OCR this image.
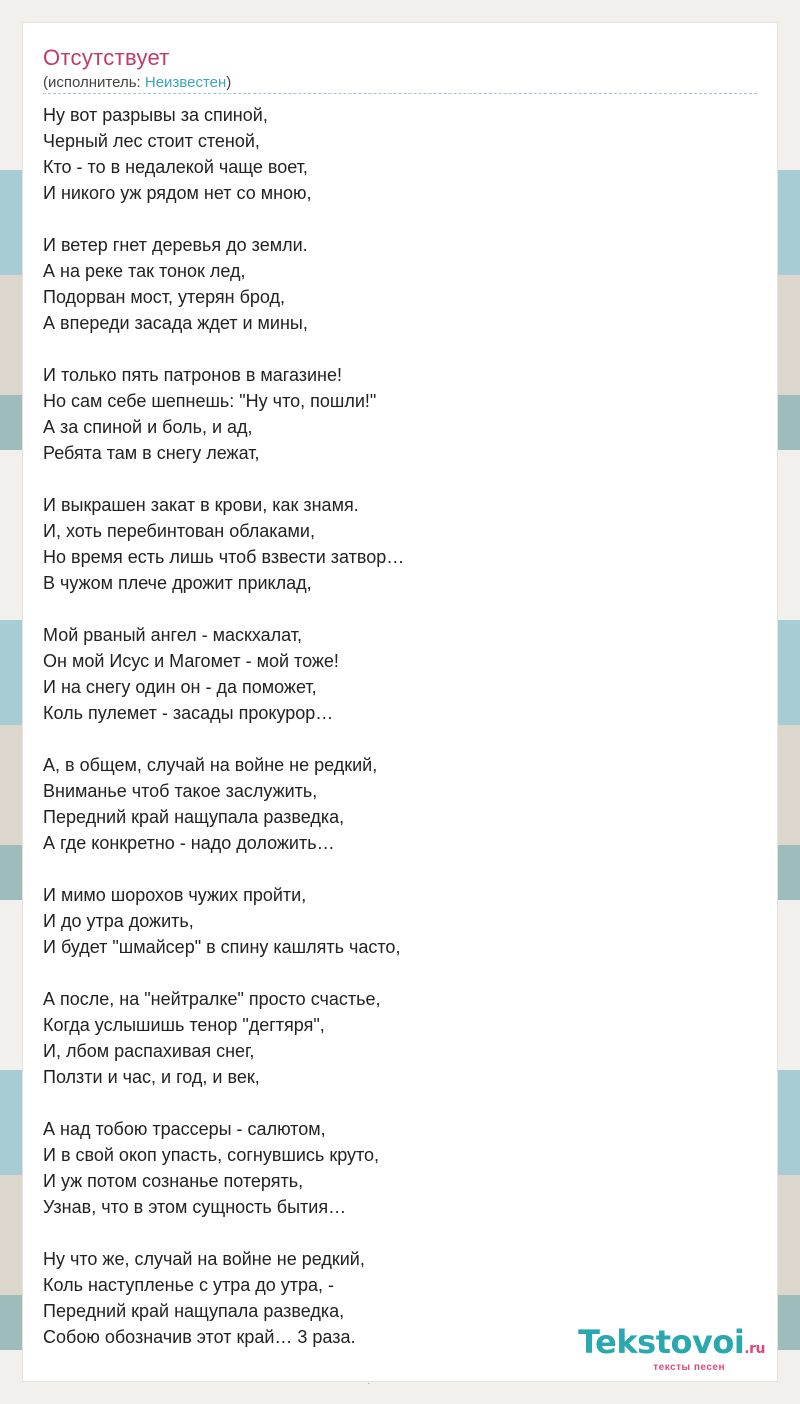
Отсутствует
(исполнитель: Неизвестен)
Ну вот разрывы за спиной,
Черный лес стоит стеной,
Кто - то в недалекой чаще воет,
И никого уж рядом нет со мною,
И ветер гнет деревья до земли.
А на реке так тонок лед,
Подорван мост, утерян брод,
А впереди засада ждет и мины,
И только пять патронов в магазине!
Но сам себе шепнешь: "Ну что, пошли!"
А за спиной и боль, и ад,
Ребята там в снегу лежат,
И выкрашен закат в крови, как знамя.
И, хоть перебинтован облаками,
Но время есть лишь чтоб взвести затвор…
В чужом плече дрожит приклад,
Мой рваный ангел - маскхалат,
Он мой Исус и Магомет - мой тоже!
И на снегу один он - да поможет,
Коль пулемет - засады прокурор…
А, в общем, случай на войне не редкий,
Вниманье чтоб такое заслужить,
Передний край нащупала разведка,
А где конкретно - надо доложить…
И мимо шорохов чужих пройти,
И до утра дожить,
И будет "шмайсер" в спину кашлять часто,
А после, на "нейтралке" просто счастье,
Когда услышишь тенор "дегтяря",
И, лбом распахивая снег,
Ползти и час, и год, и век,
А над тобою трассеры - салютом,
И в свой окоп упасть, согнувшись круто,
И уж потом сознанье потерять,
Узнав, что в этом сущность бытия…
Ну что же, случай на войне не редкий,
Коль наступленье с утра до утра, -
Передний край нащупала разведка,
Собою обозначив этот край… 3 раза.	Tekstovoi.ru
тексты песен
·
